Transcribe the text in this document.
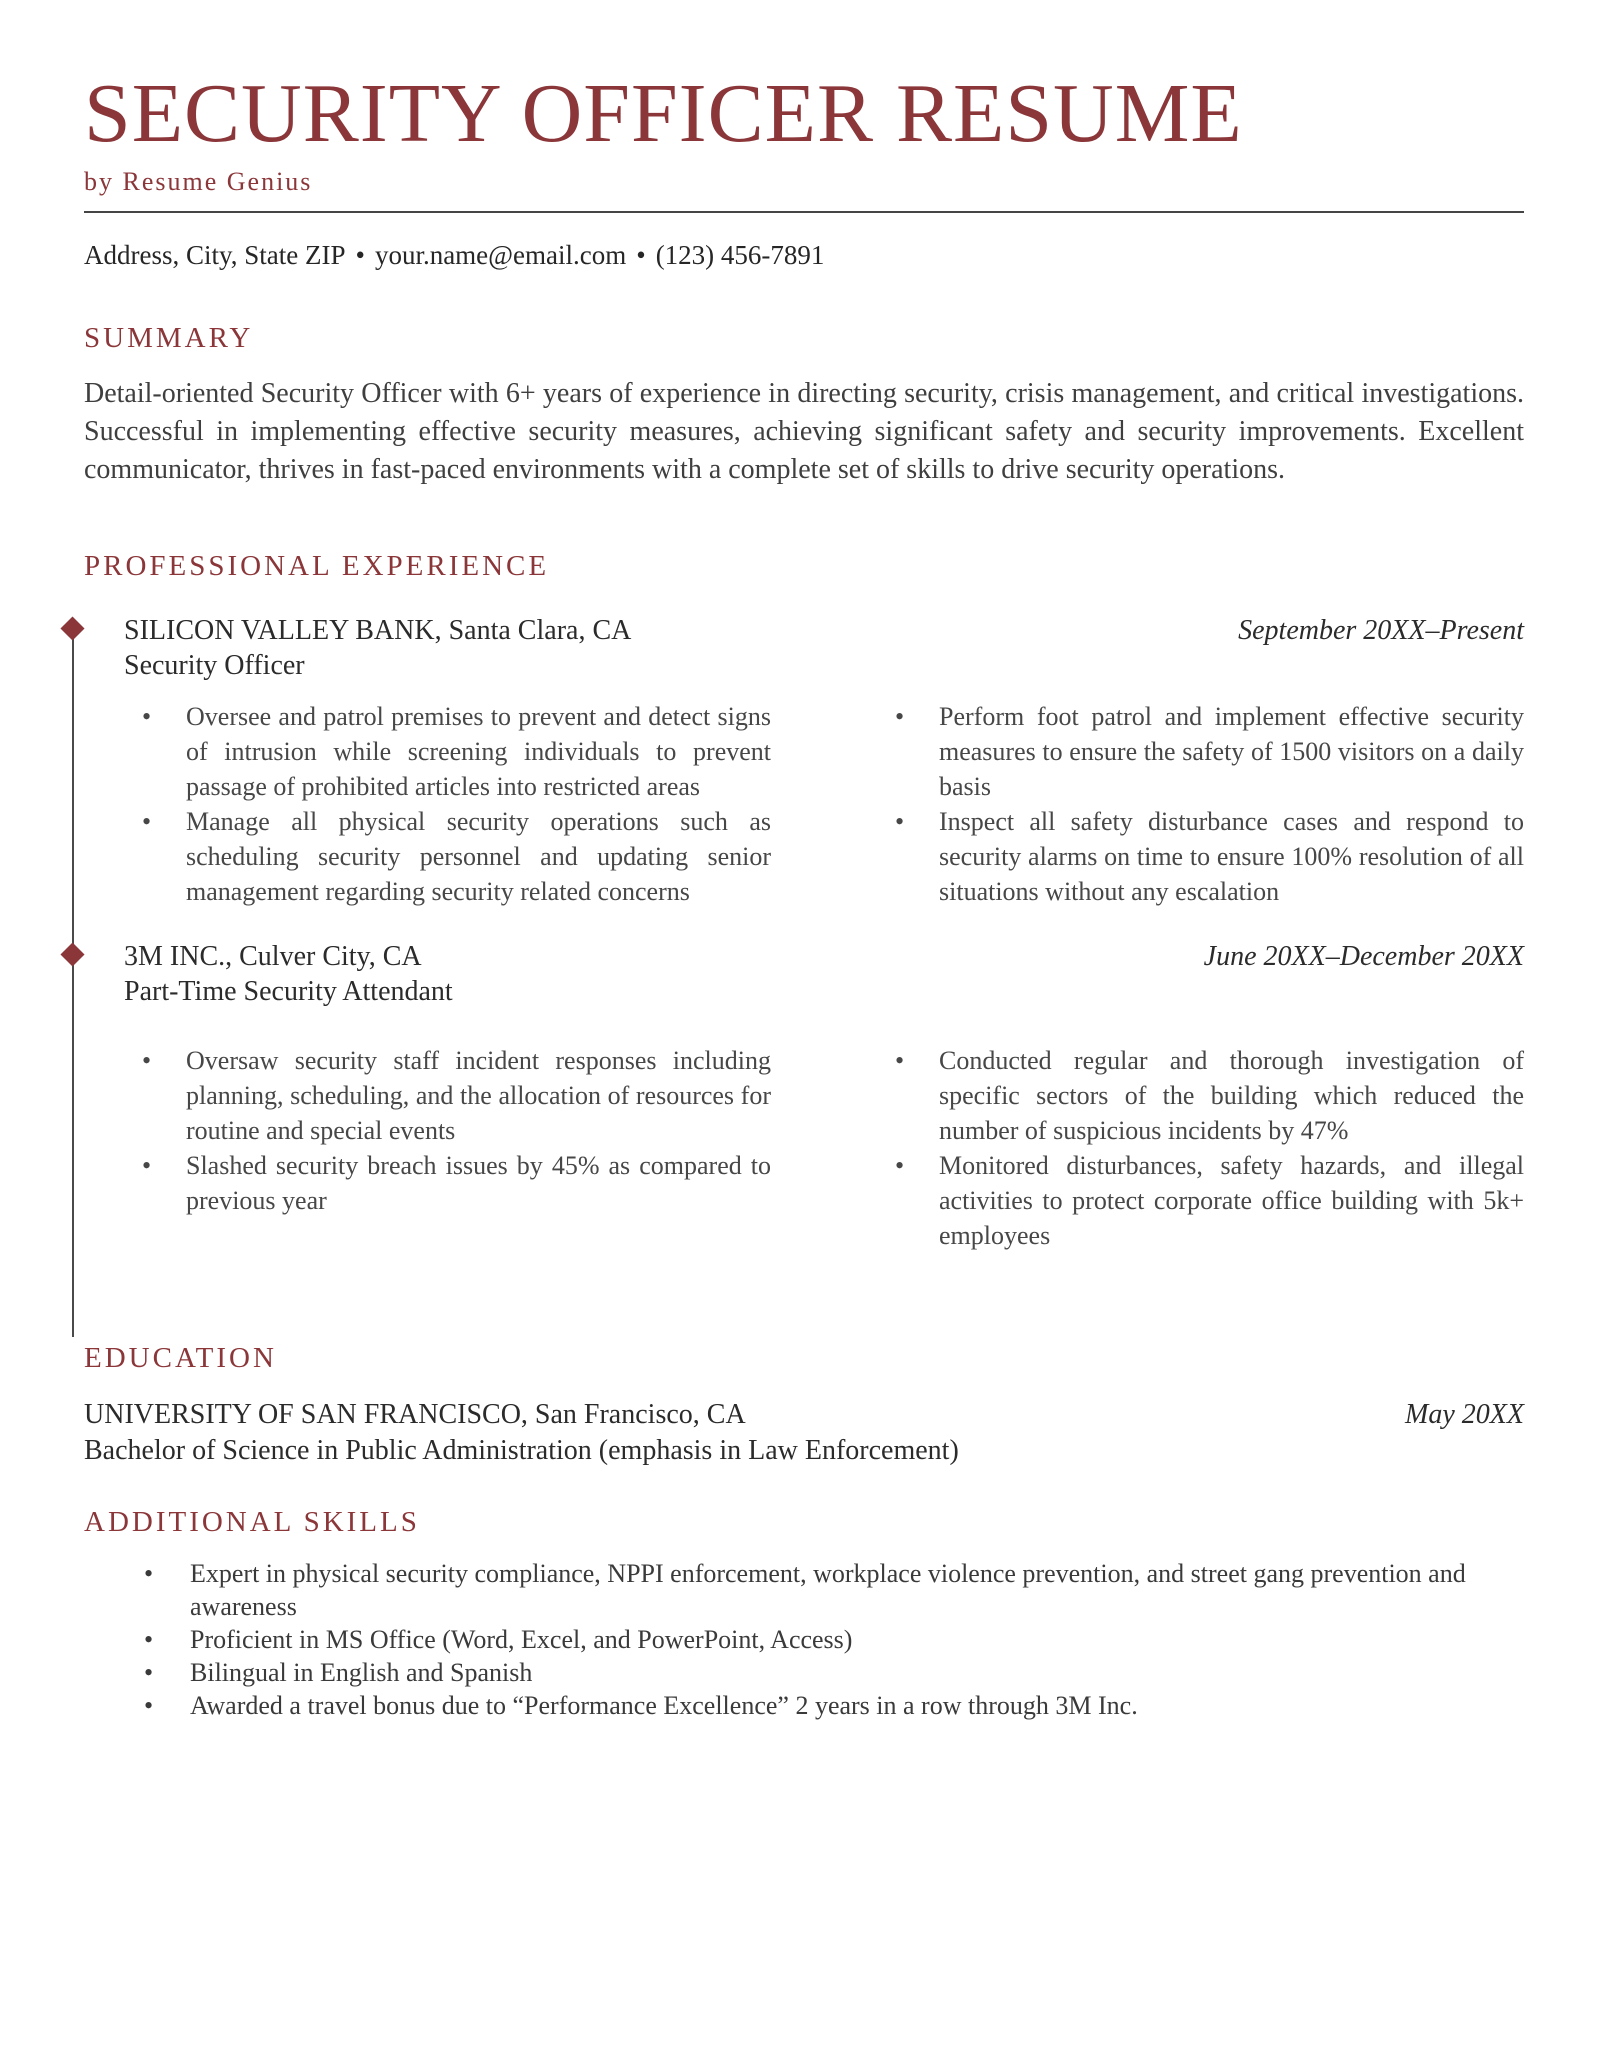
SECURITY OFFICER RESUME
by Resume Genius
Address, City, State ZIP • your.name@email.com • (123) 456-7891
SUMMARY

Detail-oriented Security Officer with 6+ years of experience in directing security, crisis management, and critical investigations. Successful in implementing effective security measures, achieving significant safety and security improvements. Excellent communicator, thrives in fast-paced environments with a complete set of skills to drive security operations.

PROFESSIONAL EXPERIENCE
SILICON VALLEY BANK, Santa Clara, CA	September 20XX–Present
Security Officer
• Oversee and patrol premises to prevent and detect signs of intrusion while screening individuals to prevent passage of prohibited articles into restricted areas
• Manage all physical security operations such as scheduling security personnel and updating senior management regarding security related concerns
• Perform foot patrol and implement effective security measures to ensure the safety of 1500 visitors on a daily basis
• Inspect all safety disturbance cases and respond to security alarms on time to ensure 100% resolution of all situations without any escalation
3M INC., Culver City, CA	June 20XX–December 20XX
Part-Time Security Attendant
• Oversaw security staff incident responses including planning, scheduling, and the allocation of resources for routine and special events
• Slashed security breach issues by 45% as compared to previous year
• Conducted regular and thorough investigation of specific sectors of the building which reduced the number of suspicious incidents by 47%
• Monitored disturbances, safety hazards, and illegal activities to protect corporate office building with 5k+ employees
EDUCATION
UNIVERSITY OF SAN FRANCISCO, San Francisco, CA	May 20XX
Bachelor of Science in Public Administration (emphasis in Law Enforcement)
ADDITIONAL SKILLS
• Expert in physical security compliance, NPPI enforcement, workplace violence prevention, and street gang prevention and awareness
• Proficient in MS Office (Word, Excel, and PowerPoint, Access)
• Bilingual in English and Spanish
• Awarded a travel bonus due to “Performance Excellence” 2 years in a row through 3M Inc.
